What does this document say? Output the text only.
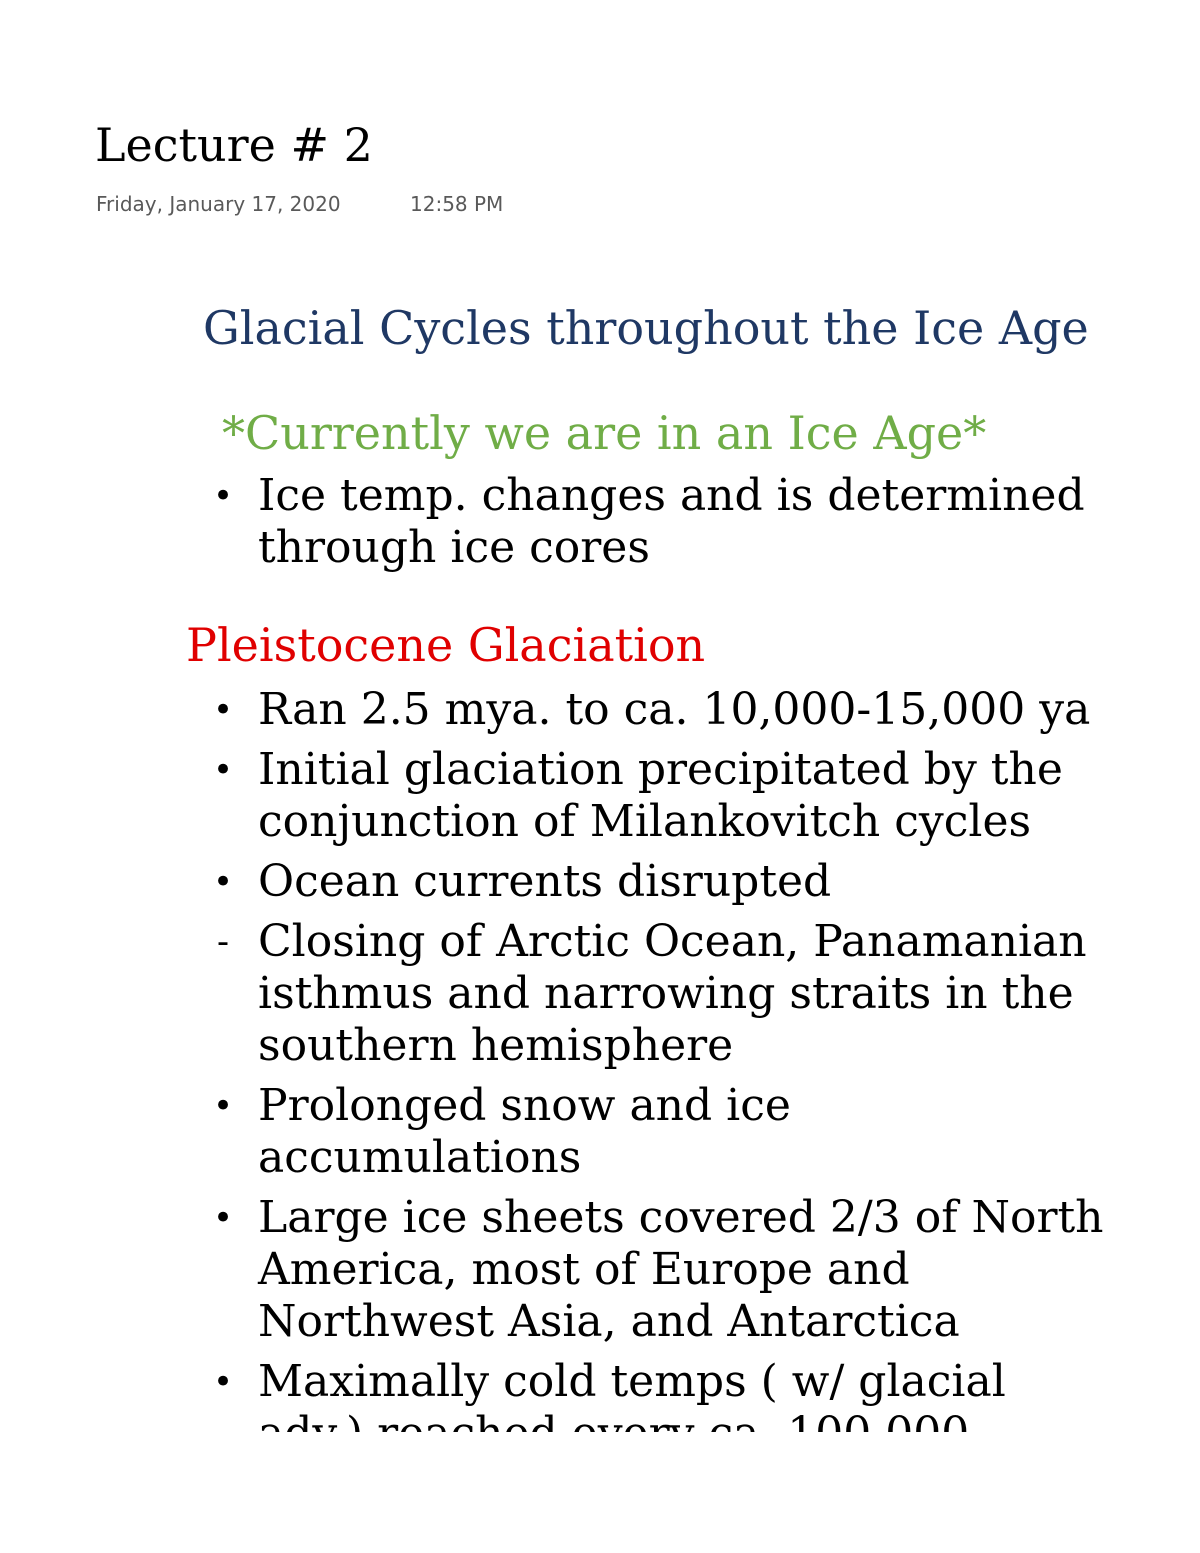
Lecture # 2
Friday, January 17, 2020	12:58 PM
Glacial Cycles throughout the Ice Age
*Currently we are in an Ice Age*
• Ice temp. changes and is determined
through ice cores
Pleistocene Glaciation
• Ran 2.5 mya. to ca. 10,000-15,000 ya
• Initial glaciation precipitated by the
conjunction of Milankovitch cycles
• Ocean currents disrupted
- Closing of Arctic Ocean, Panamanian
isthmus and narrowing straits in the
southern hemisphere
• Prolonged snow and ice
accumulations
• Large ice sheets covered 2/3 of North
America, most of Europe and
Northwest Asia, and Antarctica
• Maximally cold temps ( w/ glacial
